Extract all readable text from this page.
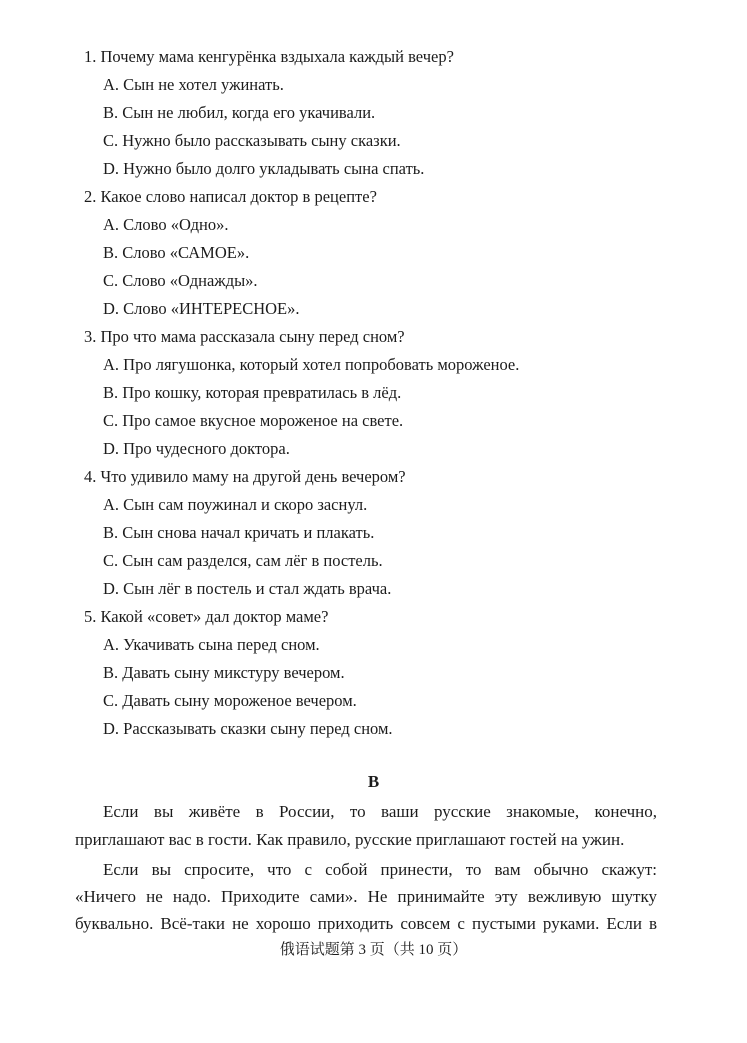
1. Почему мама кенгурёнка вздыхала каждый вечер?
A. Сын не хотел ужинать.
B. Сын не любил, когда его укачивали.
C. Нужно было рассказывать сыну сказки.
D. Нужно было долго укладывать сына спать.
2. Какое слово написал доктор в рецепте?
A. Слово «Одно».
B. Слово «САМОЕ».
C. Слово «Однажды».
D. Слово «ИНТЕРЕСНОЕ».
3. Про что мама рассказала сыну перед сном?
A. Про лягушонка, который хотел попробовать мороженое.
B. Про кошку, которая превратилась в лёд.
C. Про самое вкусное мороженое на свете.
D. Про чудесного доктора.
4. Что удивило маму на другой день вечером?
A. Сын сам поужинал и скоро заснул.
B. Сын снова начал кричать и плакать.
C. Сын сам разделся, сам лёг в постель.
D. Сын лёг в постель и стал ждать врача.
5. Какой «совет» дал доктор маме?
A. Укачивать сына перед сном.
B. Давать сыну микстуру вечером.
C. Давать сыну мороженое вечером.
D. Рассказывать сказки сыну перед сном.
B
Если вы живёте в России, то ваши русские знакомые, конечно,
приглашают вас в гости. Как правило, русские приглашают гостей на ужин.
Если вы спросите, что с собой принести, то вам обычно скажут:
«Ничего не надо. Приходите сами». Не принимайте эту вежливую шутку
буквально. Всё-таки не хорошо приходить совсем с пустыми руками. Если в
俄语试题第 3 页（共 10 页）
